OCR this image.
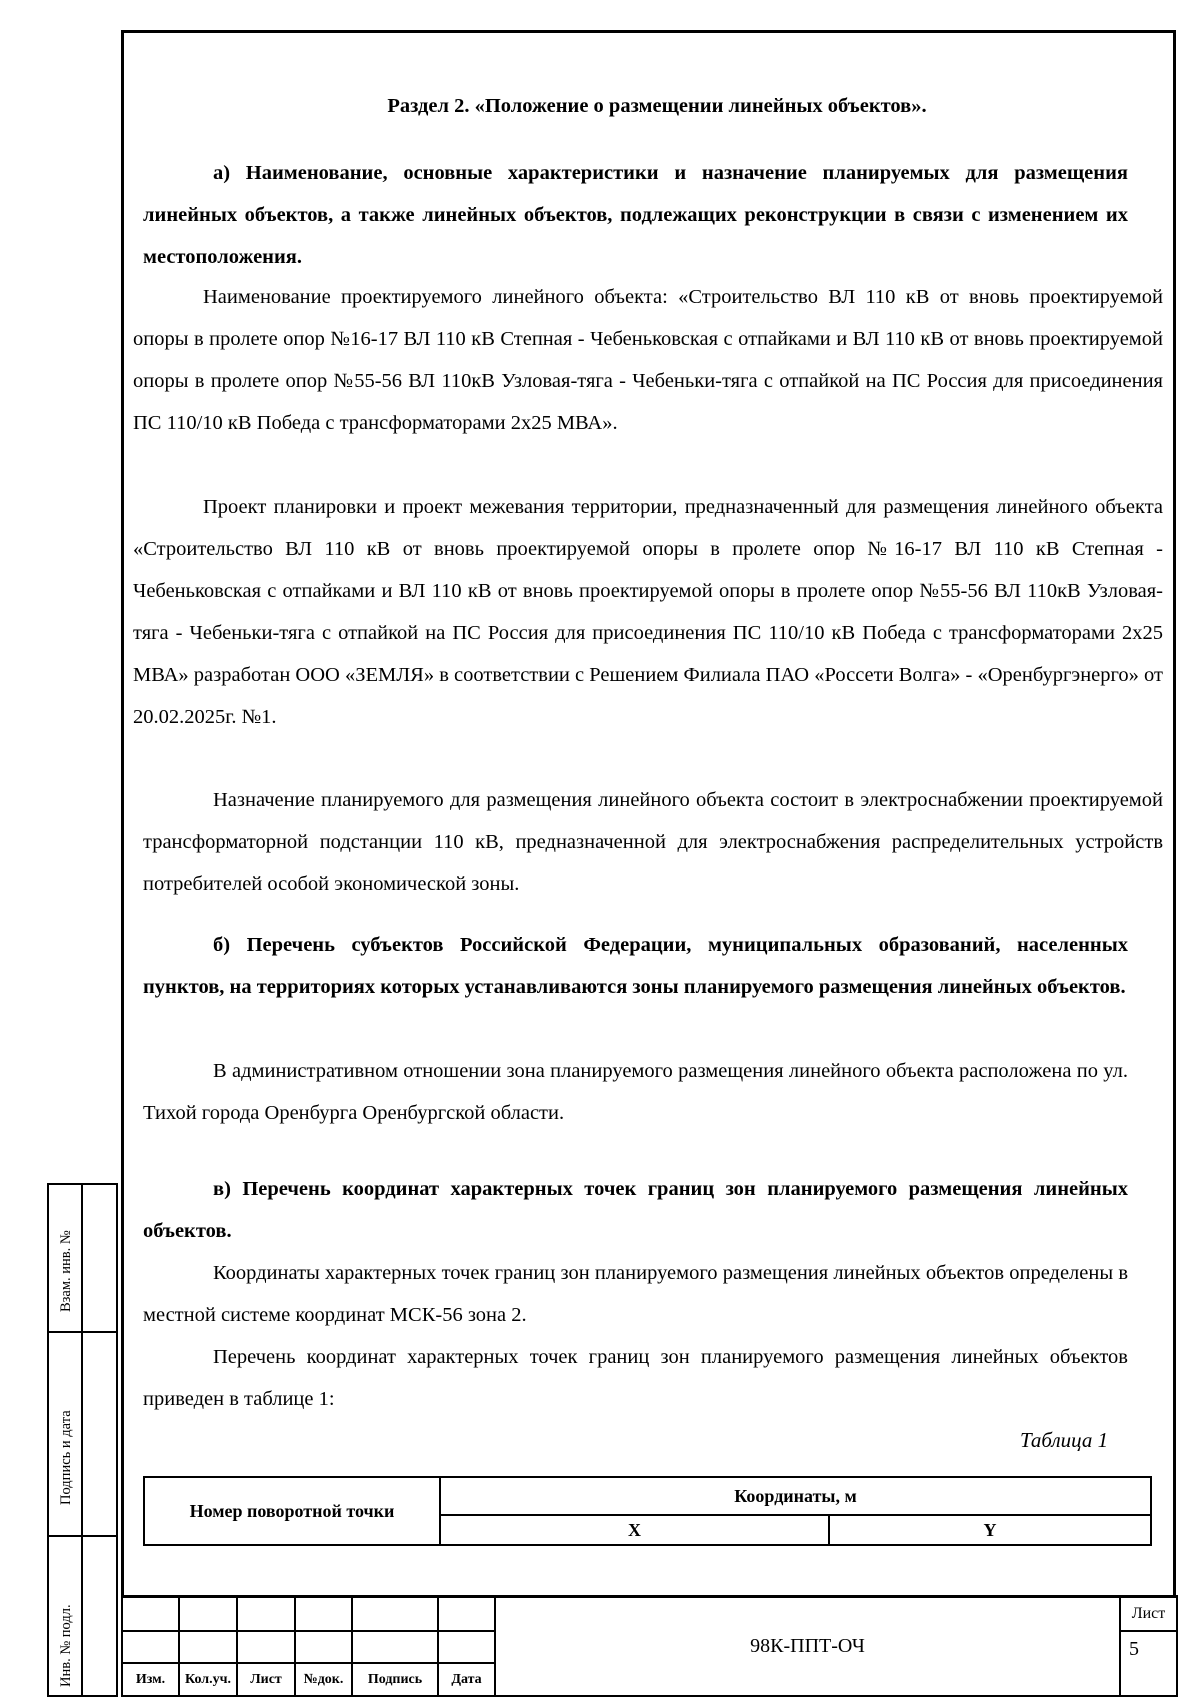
Раздел 2. «Положение о размещении линейных объектов».

а) Наименование, основные характеристики и назначение планируемых для размещения линейных объектов, а также линейных объектов, подлежащих реконструкции в связи с изменением их местоположения.

Наименование проектируемого линейного объекта: «Строительство ВЛ 110 кВ от вновь проектируемой опоры в пролете опор №16-17 ВЛ 110 кВ Степная - Чебеньковская с отпайками и ВЛ 110 кВ от вновь проектируемой опоры в пролете опор №55-56 ВЛ 110кВ Узловая-тяга - Чебеньки-тяга с отпайкой на ПС Россия для присоединения ПС 110/10 кВ Победа с трансформаторами 2х25 МВА».

Проект планировки и проект межевания территории, предназначенный для размещения линейного объекта «Строительство ВЛ 110 кВ от вновь проектируемой опоры в пролете опор №16-17 ВЛ 110 кВ Степная - Чебеньковская с отпайками и ВЛ 110 кВ от вновь проектируемой опоры в пролете опор №55-56 ВЛ 110кВ Узловая-тяга - Чебеньки-тяга с отпайкой на ПС Россия для присоединения ПС 110/10 кВ Победа с трансформаторами 2х25 МВА» разработан ООО «ЗЕМЛЯ» в соответствии с Решением Филиала ПАО «Россети Волга» - «Оренбургэнерго» от 20.02.2025г. №1.

Назначение планируемого для размещения линейного объекта состоит в электроснабжении проектируемой трансформаторной подстанции 110 кВ, предназначенной для электроснабжения распределительных устройств потребителей особой экономической зоны.

б) Перечень субъектов Российской Федерации, муниципальных образований, населенных пунктов, на территориях которых устанавливаются зоны планируемого размещения линейных объектов.

В административном отношении зона планируемого размещения линейного объекта расположена по ул. Тихой города Оренбурга Оренбургской области.

в) Перечень координат характерных точек границ зон планируемого размещения линейных объектов.

Координаты характерных точек границ зон планируемого размещения линейных объектов определены в местной системе координат МСК-56 зона 2.

Перечень координат характерных точек границ зон планируемого размещения линейных объектов приведен в таблице 1:

Таблица 1
Номер поворотной точки	Координаты, м	
	X	Y
Взам. инв. №
Подпись и дата
Инв. № подл.
							98К-ППТ-ОЧ	Лист
							5
Изм.	Кол.уч.	Лист	№док.	Подпись	Дата		
